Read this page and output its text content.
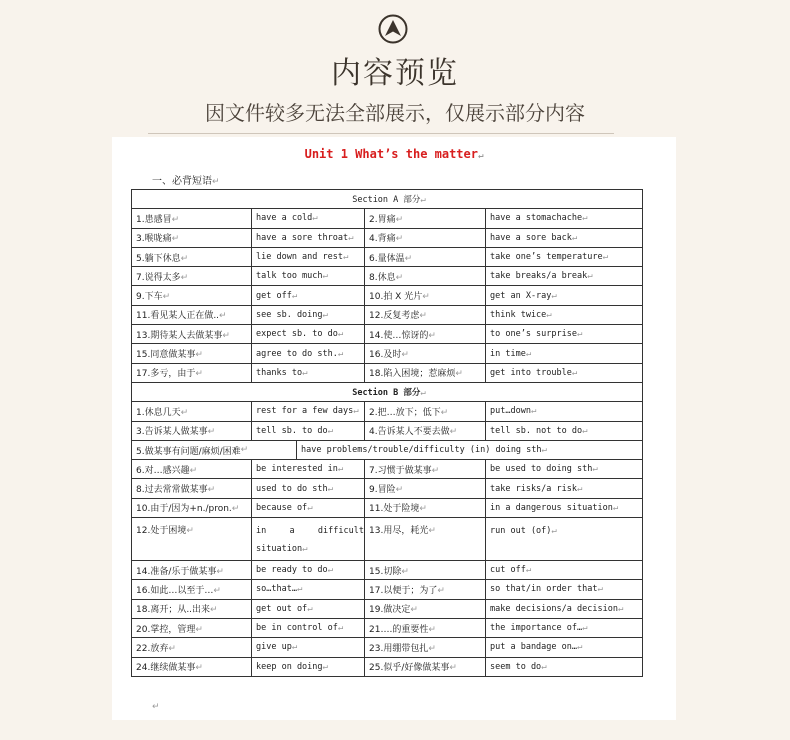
内容预览
因文件较多无法全部展示，仅展示部分内容
Unit 1 What’s the matter↵
一、必背短语↵
Section A 部分↵			
1.患感冒↵	have a cold↵	2.胃痛↵	have a stomachache↵
3.喉咙痛↵	have a sore throat↵	4.背痛↵	have a sore back↵
5.躺下休息↵	lie down and rest↵	6.量体温↵	take one’s temperature↵
7.说得太多↵	talk too much↵	8.休息↵	take breaks/a break↵
9.下车↵	get off↵	10.拍 X 光片↵	get an X-ray↵
11.看见某人正在做..↵	see sb. doing↵	12.反复考虑↵	think twice↵
13.期待某人去做某事↵	expect sb. to do↵	14.使…惊讶的↵	to one’s surprise↵
15.同意做某事↵	agree to do sth.↵	16.及时↵	in time↵
17.多亏，由于↵	thanks to↵	18.陷入困境；惹麻烦↵	get into trouble↵
Section B 部分↵			
1.休息几天↵	rest for a few days↵	2.把…放下；低下↵	put…down↵
3.告诉某人做某事↵	tell sb. to do↵	4.告诉某人不要去做↵	tell sb. not to do↵

5.做某事有问题/麻烦/困难 ↵ have problems/trouble/difficulty (in) doing sth ↵			

6.对…感兴趣↵	be interested in↵	7.习惯于做某事↵	be used to doing sth↵
8.过去常常做某事↵	used to do sth↵	9.冒险↵	take risks/a risk↵
10.由于/因为+n./pron.↵	because of↵	11.处于险境↵	in a dangerous situation↵
12.处于困境↵	in a difficult situation↵	13.用尽，耗光↵	run out (of)↵
14.准备/乐于做某事↵	be ready to do↵	15.切除↵	cut off↵
16.如此…以至于…↵	so…that…↵	17.以便于；为了↵	so that/in order that↵
18.离开；从..出来↵	get out of↵	19.做决定↵	make decisions/a decision↵
20.掌控，管理↵	be in control of↵	21….的重要性↵	the importance of…↵
22.放弃↵	give up↵	23.用绷带包扎↵	put a bandage on…↵
24.继续做某事↵	keep on doing↵	25.似乎/好像做某事↵	seem to do↵
↵
